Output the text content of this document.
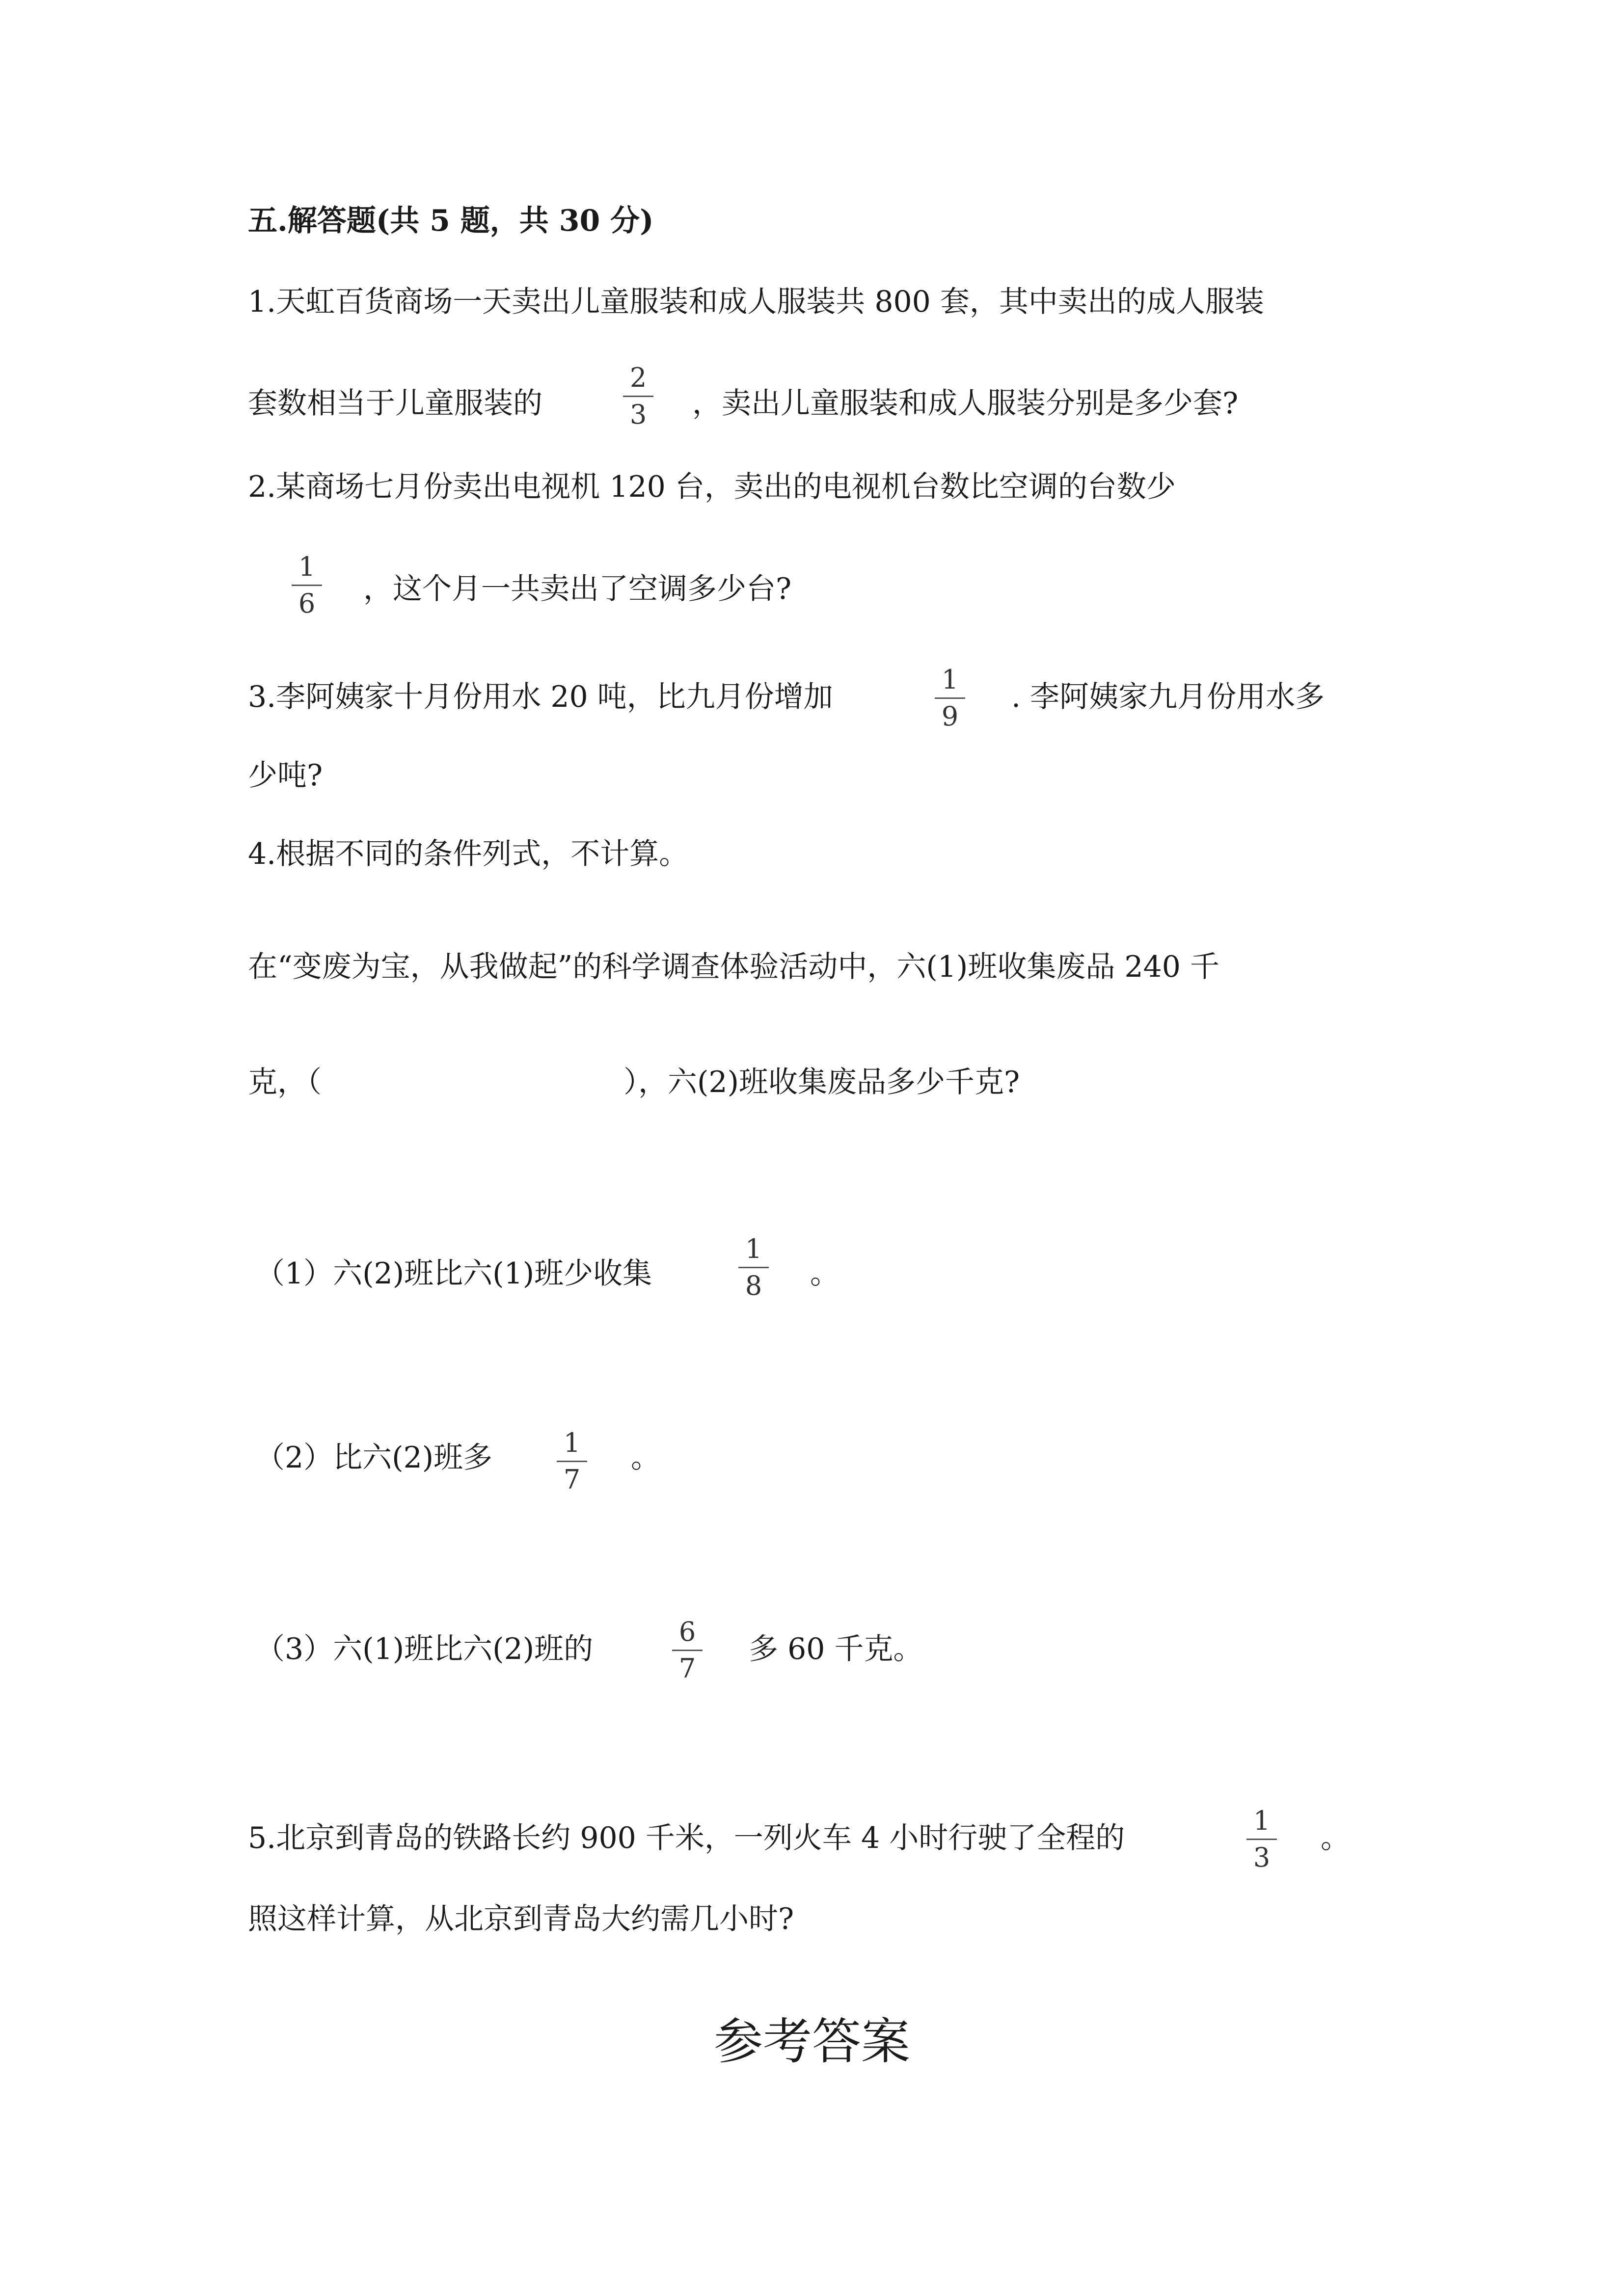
五.解答题(共 5 题，共 30 分)
1.天虹百货商场一天卖出儿童服装和成人服装共 800 套，其中卖出的成人服装
套数相当于儿童服装的
2
3 ，卖出儿童服装和成人服装分别是多少套?
2.某商场七月份卖出电视机 120 台，卖出的电视机台数比空调的台数少
1
6 ，这个月一共卖出了空调多少台?
3.李阿姨家十月份用水 20 吨，比九月份增加
1
9
. 李阿姨家九月份用水多
少吨?
4.根据不同的条件列式，不计算。
在“变废为宝，从我做起”的科学调查体验活动中，六(1)班收集废品 240 千
克，（	），六(2)班收集废品多少千克?
（1）六(2)班比六(1)班少收集
1
8 。
（2）比六(2)班多	1
7
。
（3）六(1)班比六(2)班的
6
7
多 60 千克。
5.北京到青岛的铁路长约 900 千米，一列火车 4 小时行驶了全程的
1
3
。
照这样计算，从北京到青岛大约需几小时?
参考答案
